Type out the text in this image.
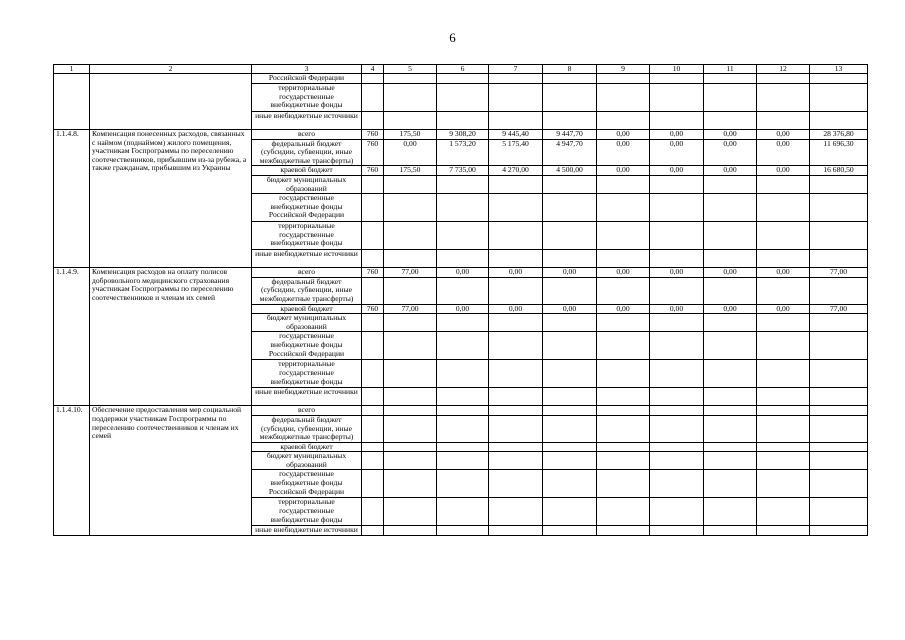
6
1	2	3	4	5	6	7	8	9	10	11	12	13
		Российской Федерации										
		территориальные государственные внебюджетные фонды										
		иные внебюджетные источники										
1.1.4.8.	Компенсация понесенных расходов, связанных с наймом (поднаймом) жилого помещения, участникам Госпрограммы по переселению соотечественников, прибывшим из-за рубежа, а также гражданам, прибывшим из Украины	всего	760	175,50	9 308,20	9 445,40	9 447,70	0,00	0,00	0,00	0,00	28 376,80
		федеральный бюджет (субсидии, субвенции, иные межбюджетные трансферты)	760	0,00	1 573,20	5 175,40	4 947,70	0,00	0,00	0,00	0,00	11 696,30
		краевой бюджет	760	175,50	7 735,00	4 270,00	4 500,00	0,00	0,00	0,00	0,00	16 680,50
		бюджет муниципальных образований										
		государственные внебюджетные фонды Российской Федерации										
		территориальные государственные внебюджетные фонды										
		иные внебюджетные источники										
1.1.4.9.	Компенсация расходов на оплату полисов добровольного медицинского страхования участникам Госпрограммы по переселению соотечественников и членам их семей	всего	760	77,00	0,00	0,00	0,00	0,00	0,00	0,00	0,00	77,00
		федеральный бюджет (субсидии, субвенции, иные межбюджетные трансферты)										
		краевой бюджет	760	77,00	0,00	0,00	0,00	0,00	0,00	0,00	0,00	77,00
		бюджет муниципальных образований										
		государственные внебюджетные фонды Российской Федерации										
		территориальные государственные внебюджетные фонды										
		иные внебюджетные источники										
1.1.4.10.	Обеспечение предоставления мер социальной поддержки участникам Госпрограммы по переселению соотечественников и членам их семей	всего										
		федеральный бюджет (субсидии, субвенции, иные межбюджетные трансферты)										
		краевой бюджет										
		бюджет муниципальных образований										
		государственные внебюджетные фонды Российской Федерации										
		территориальные государственные внебюджетные фонды										
		иные внебюджетные источники										
